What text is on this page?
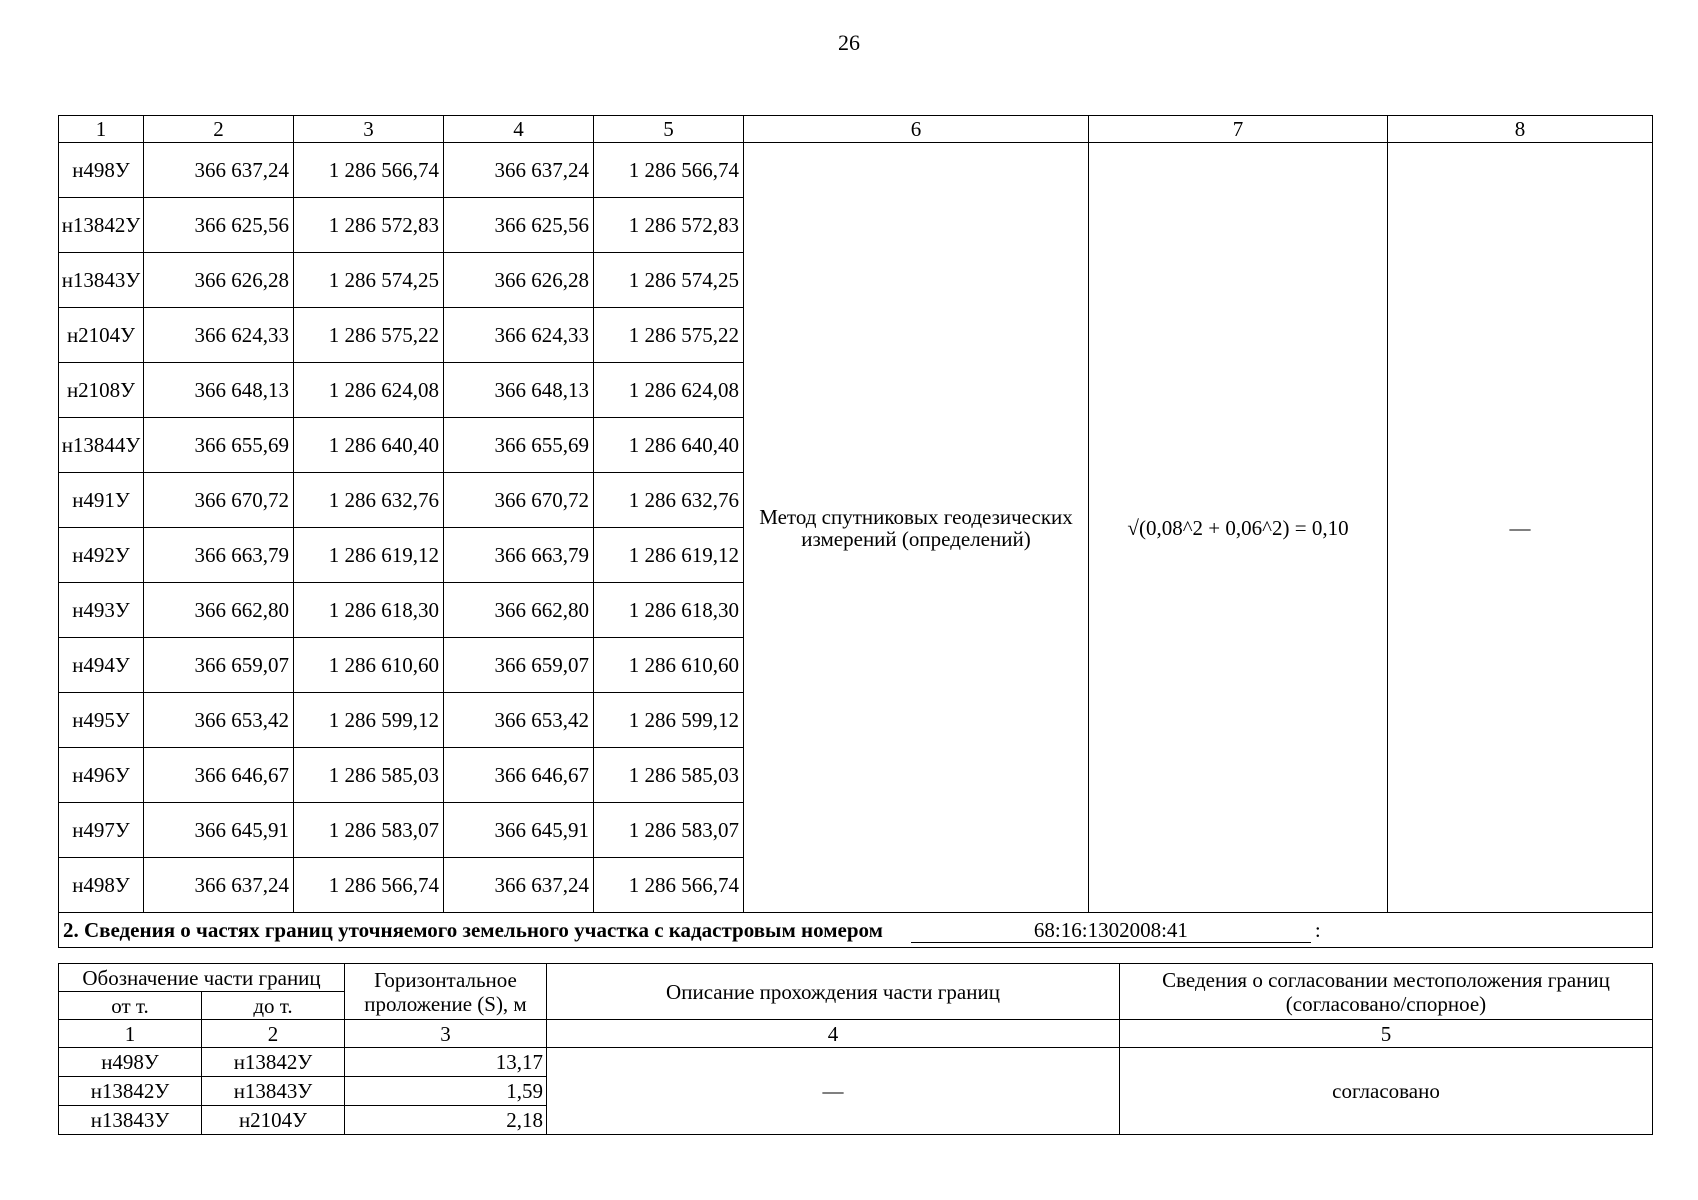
26
1	2	3	4	5	6	7	8
н498У	366 637,24	1 286 566,74	366 637,24	1 286 566,74	Метод спутниковых геодезических измерений (определений)	√(0,08^2 + 0,06^2) = 0,10	—
н13842У	366 625,56	1 286 572,83	366 625,56	1 286 572,83			
н13843У	366 626,28	1 286 574,25	366 626,28	1 286 574,25			
н2104У	366 624,33	1 286 575,22	366 624,33	1 286 575,22			
н2108У	366 648,13	1 286 624,08	366 648,13	1 286 624,08			
н13844У	366 655,69	1 286 640,40	366 655,69	1 286 640,40			
н491У	366 670,72	1 286 632,76	366 670,72	1 286 632,76			
н492У	366 663,79	1 286 619,12	366 663,79	1 286 619,12			
н493У	366 662,80	1 286 618,30	366 662,80	1 286 618,30			
н494У	366 659,07	1 286 610,60	366 659,07	1 286 610,60			
н495У	366 653,42	1 286 599,12	366 653,42	1 286 599,12			
н496У	366 646,67	1 286 585,03	366 646,67	1 286 585,03			
н497У	366 645,91	1 286 583,07	366 645,91	1 286 583,07			
н498У	366 637,24	1 286 566,74	366 637,24	1 286 566,74			
2. Сведения о частях границ уточняемого земельного участка с кадастровым номером 68:16:1302008:41 :							
Обозначение части границ		Горизонтальное проложение (S), м	Описание прохождения части границ	Сведения о согласовании местоположения границ (согласовано/спорное)
от т.	до т.			
1	2	3	4	5
н498У	н13842У	13,17	—	согласовано
н13842У	н13843У	1,59		
н13843У	н2104У	2,18		
